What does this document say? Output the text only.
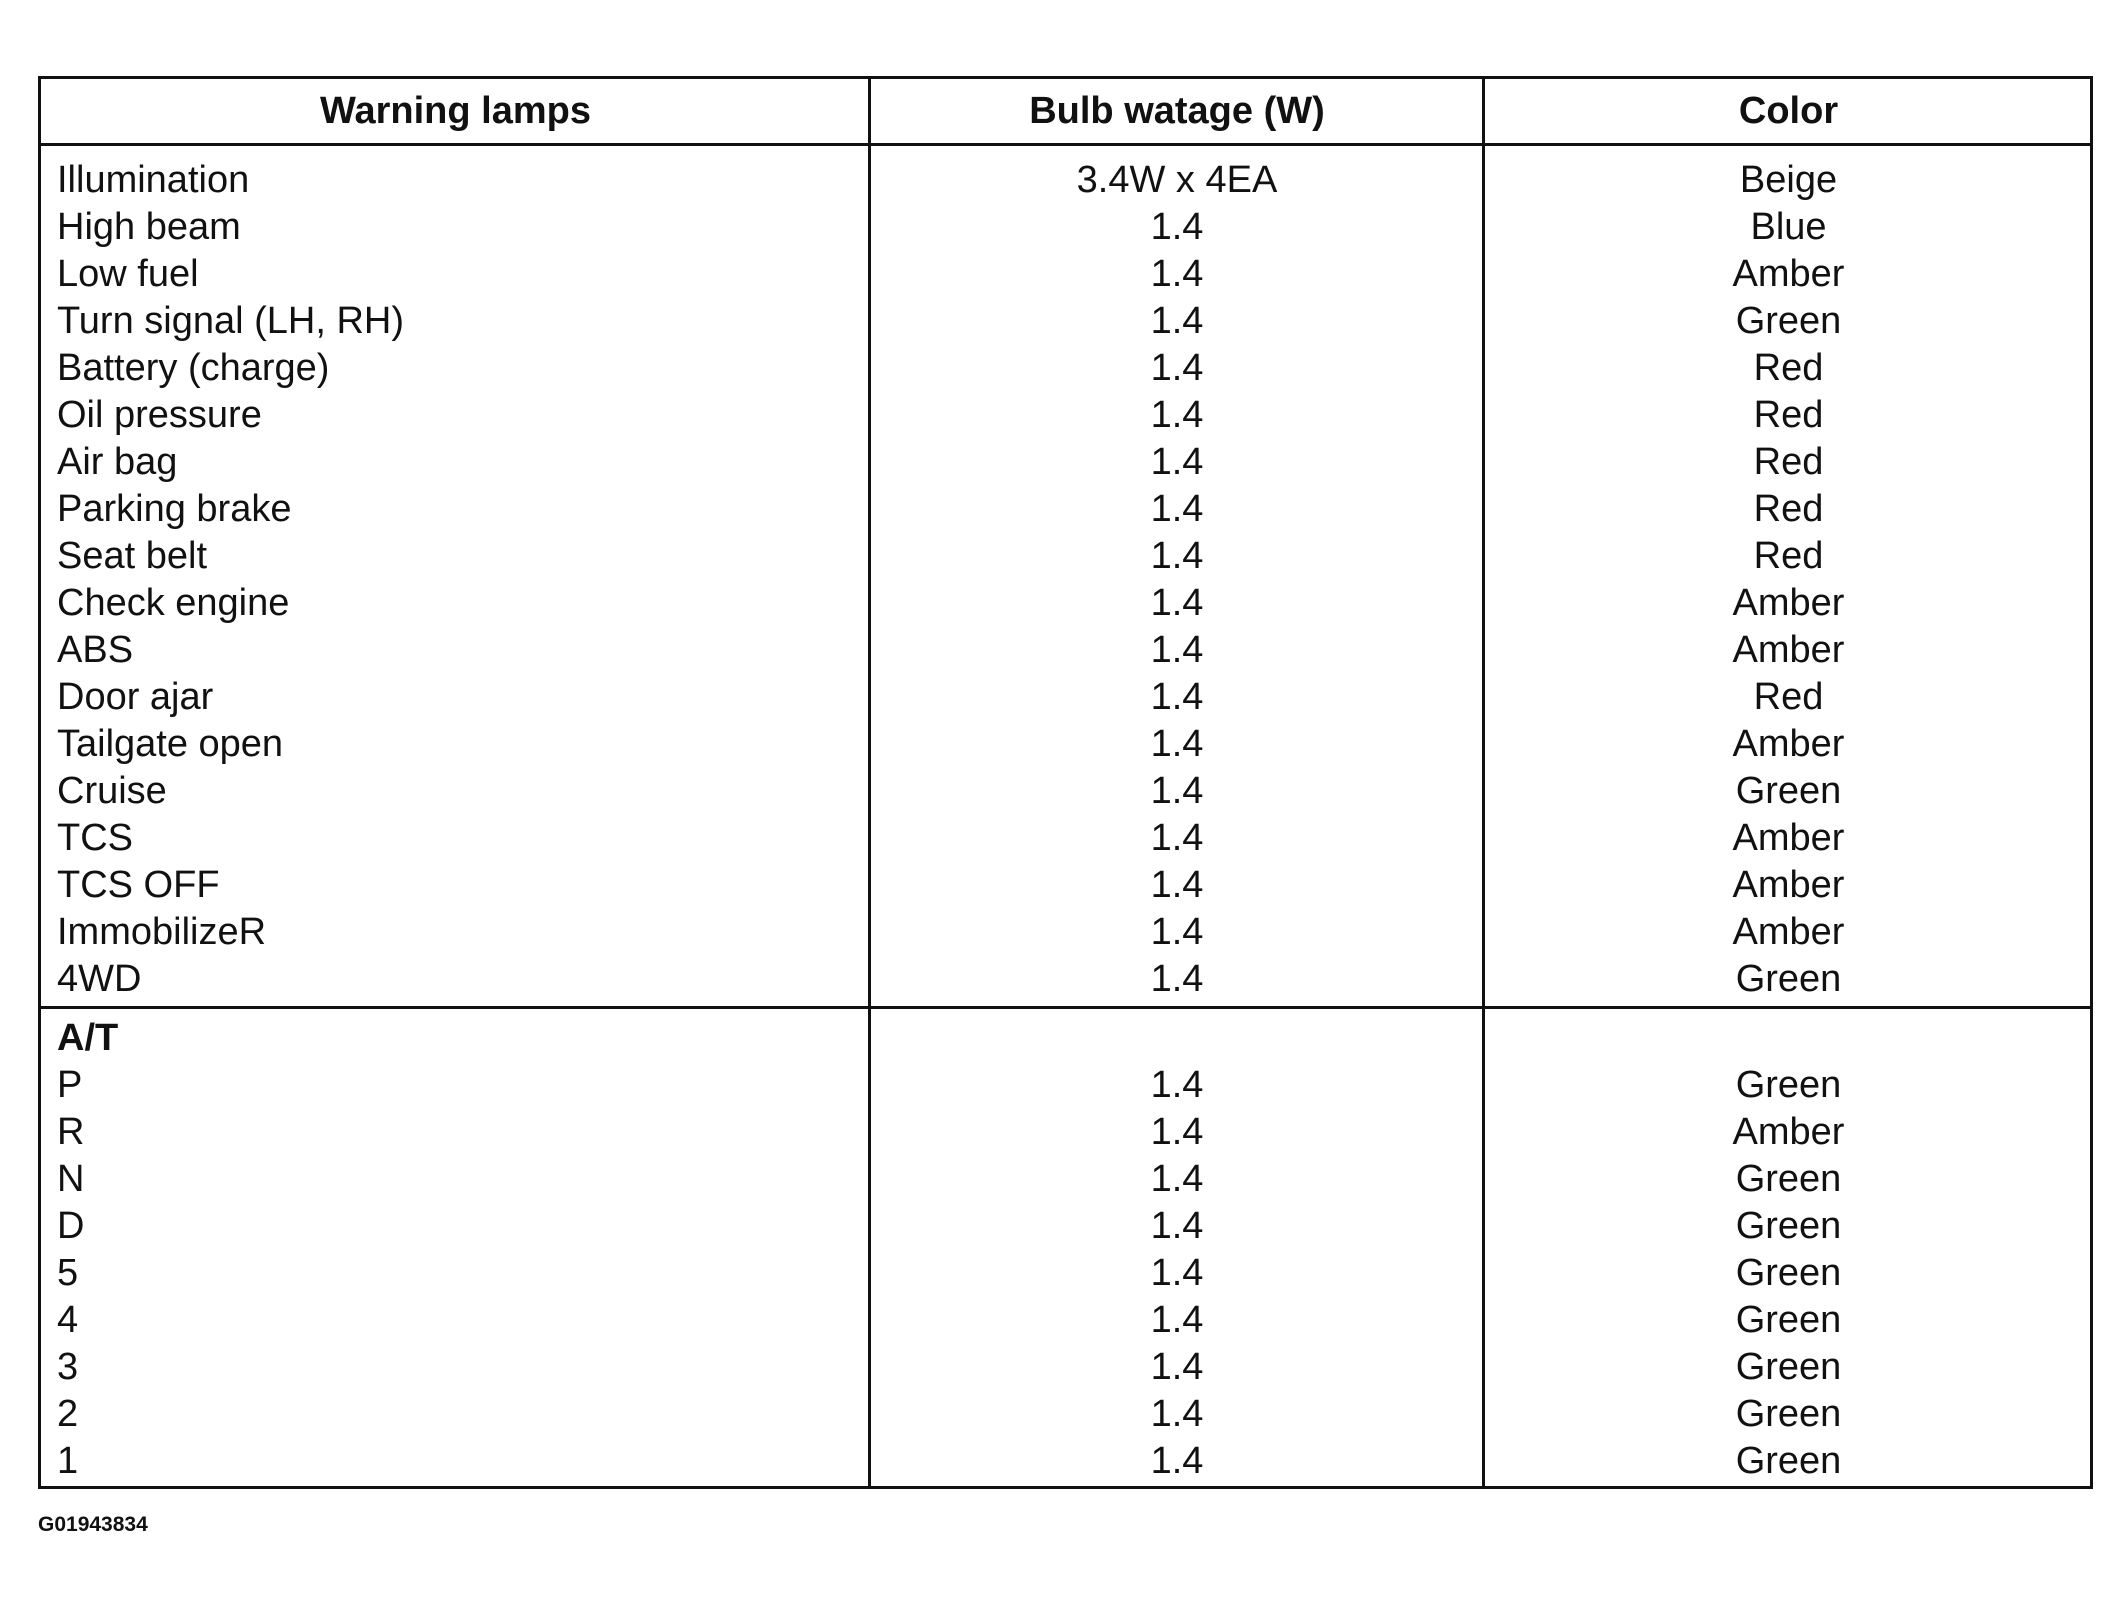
Warning lamps	Bulb watage (W)	Color
Illumination	3.4W x 4EA	Beige
High beam	1.4	Blue
Low fuel	1.4	Amber
Turn signal (LH, RH)	1.4	Green
Battery (charge)	1.4	Red
Oil pressure	1.4	Red
Air bag	1.4	Red
Parking brake	1.4	Red
Seat belt	1.4	Red
Check engine	1.4	Amber
ABS	1.4	Amber
Door ajar	1.4	Red
Tailgate open	1.4	Amber
Cruise	1.4	Green
TCS	1.4	Amber
TCS OFF	1.4	Amber
ImmobilizeR	1.4	Amber
4WD	1.4	Green
A/T
P	1.4	Green
R	1.4	Amber
N	1.4	Green
D	1.4	Green
5	1.4	Green
4	1.4	Green
3	1.4	Green
2	1.4	Green
1	1.4	Green
G01943834
